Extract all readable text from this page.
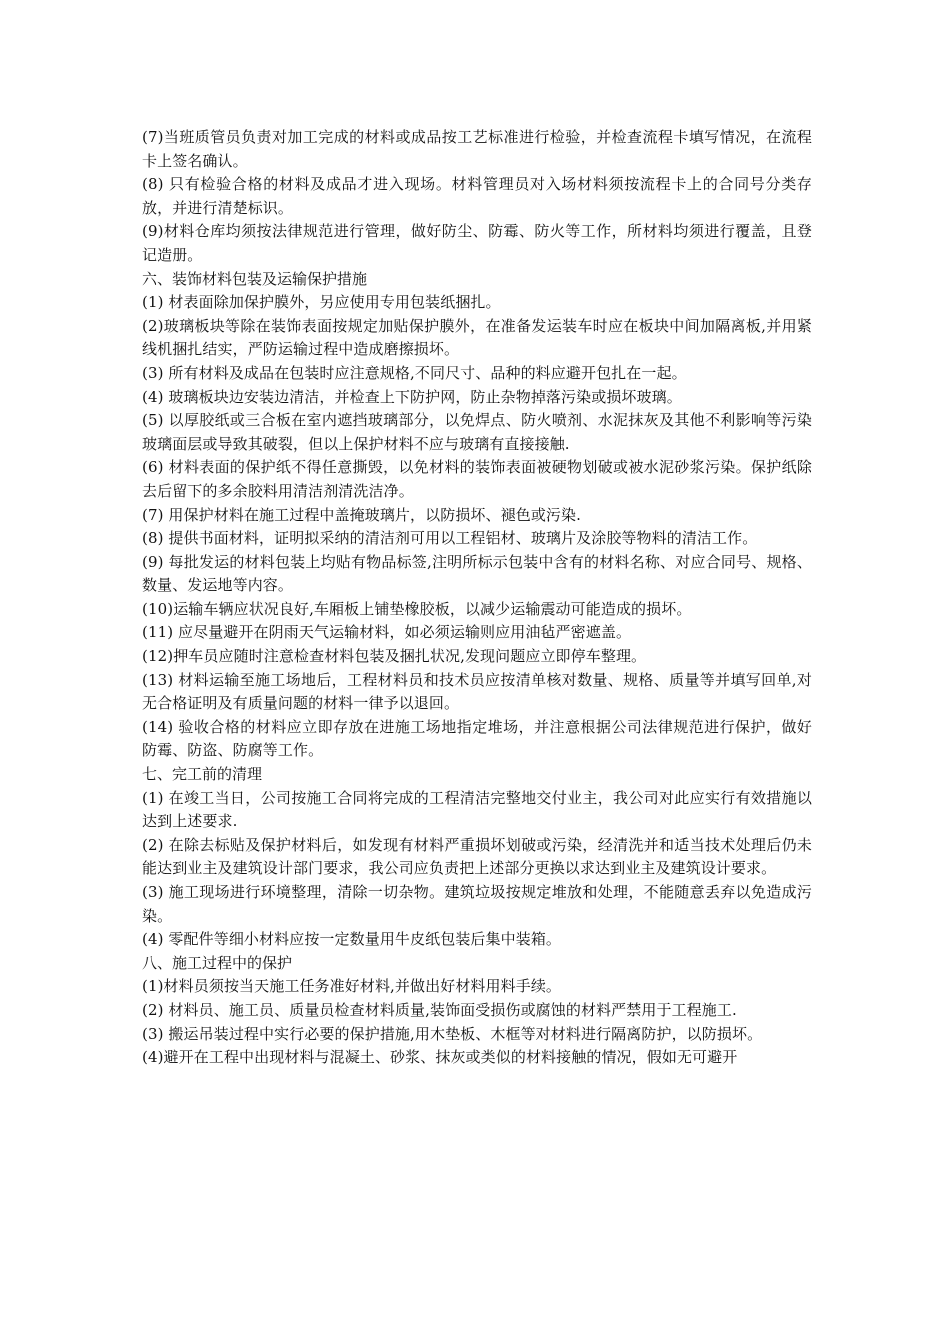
(7)当班质管员负责对加工完成的材料或成品按工艺标准进行检验，并检查流程卡填写情况，在流程卡上签名确认。

(8) 只有检验合格的材料及成品才进入现场。材料管理员对入场材料须按流程卡上的合同号分类存放，并进行清楚标识。

(9)材料仓库均须按法律规范进行管理，做好防尘、防霉、防火等工作，所材料均须进行覆盖，且登记造册。

六、装饰材料包装及运输保护措施

(1) 材表面除加保护膜外，另应使用专用包装纸捆扎。

(2)玻璃板块等除在装饰表面按规定加贴保护膜外，在准备发运装车时应在板块中间加隔离板,并用紧线机捆扎结实，严防运输过程中造成磨擦损坏。

(3) 所有材料及成品在包装时应注意规格,不同尺寸、品种的料应避开包扎在一起。

(4) 玻璃板块边安装边清洁，并检查上下防护网，防止杂物掉落污染或损坏玻璃。

(5) 以厚胶纸或三合板在室内遮挡玻璃部分，以免焊点、防火喷剂、水泥抹灰及其他不利影响等污染玻璃面层或导致其破裂，但以上保护材料不应与玻璃有直接接触.

(6) 材料表面的保护纸不得任意撕毁，以免材料的装饰表面被硬物划破或被水泥砂浆污染。保护纸除去后留下的多余胶料用清洁剂清洗洁净。

(7) 用保护材料在施工过程中盖掩玻璃片，以防损坏、褪色或污染.

(8) 提供书面材料，证明拟采纳的清洁剂可用以工程铝材、玻璃片及涂胶等物料的清洁工作。

(9) 每批发运的材料包装上均贴有物品标签,注明所标示包装中含有的材料名称、对应合同号、规格、数量、发运地等内容。

(10)运输车辆应状况良好,车厢板上铺垫橡胶板，以减少运输震动可能造成的损坏。

(11) 应尽量避开在阴雨天气运输材料，如必须运输则应用油毡严密遮盖。

(12)押车员应随时注意检查材料包装及捆扎状况,发现问题应立即停车整理。

(13) 材料运输至施工场地后，工程材料员和技术员应按清单核对数量、规格、质量等并填写回单,对无合格证明及有质量问题的材料一律予以退回。

(14) 验收合格的材料应立即存放在进施工场地指定堆场，并注意根据公司法律规范进行保护，做好防霉、防盗、防腐等工作。

七、完工前的清理

(1) 在竣工当日，公司按施工合同将完成的工程清洁完整地交付业主，我公司对此应实行有效措施以达到上述要求.

(2) 在除去标贴及保护材料后，如发现有材料严重损坏划破或污染，经清洗并和适当技术处理后仍未能达到业主及建筑设计部门要求，我公司应负责把上述部分更换以求达到业主及建筑设计要求。

(3) 施工现场进行环境整理，清除一切杂物。建筑垃圾按规定堆放和处理，不能随意丢弃以免造成污染。

(4) 零配件等细小材料应按一定数量用牛皮纸包装后集中装箱。

八、施工过程中的保护

(1)材料员须按当天施工任务准好材料,并做出好材料用料手续。

(2) 材料员、施工员、质量员检查材料质量,装饰面受损伤或腐蚀的材料严禁用于工程施工.

(3) 搬运吊装过程中实行必要的保护措施,用木垫板、木框等对材料进行隔离防护，以防损坏。

(4)避开在工程中出现材料与混凝土、砂浆、抹灰或类似的材料接触的情况，假如无可避开
